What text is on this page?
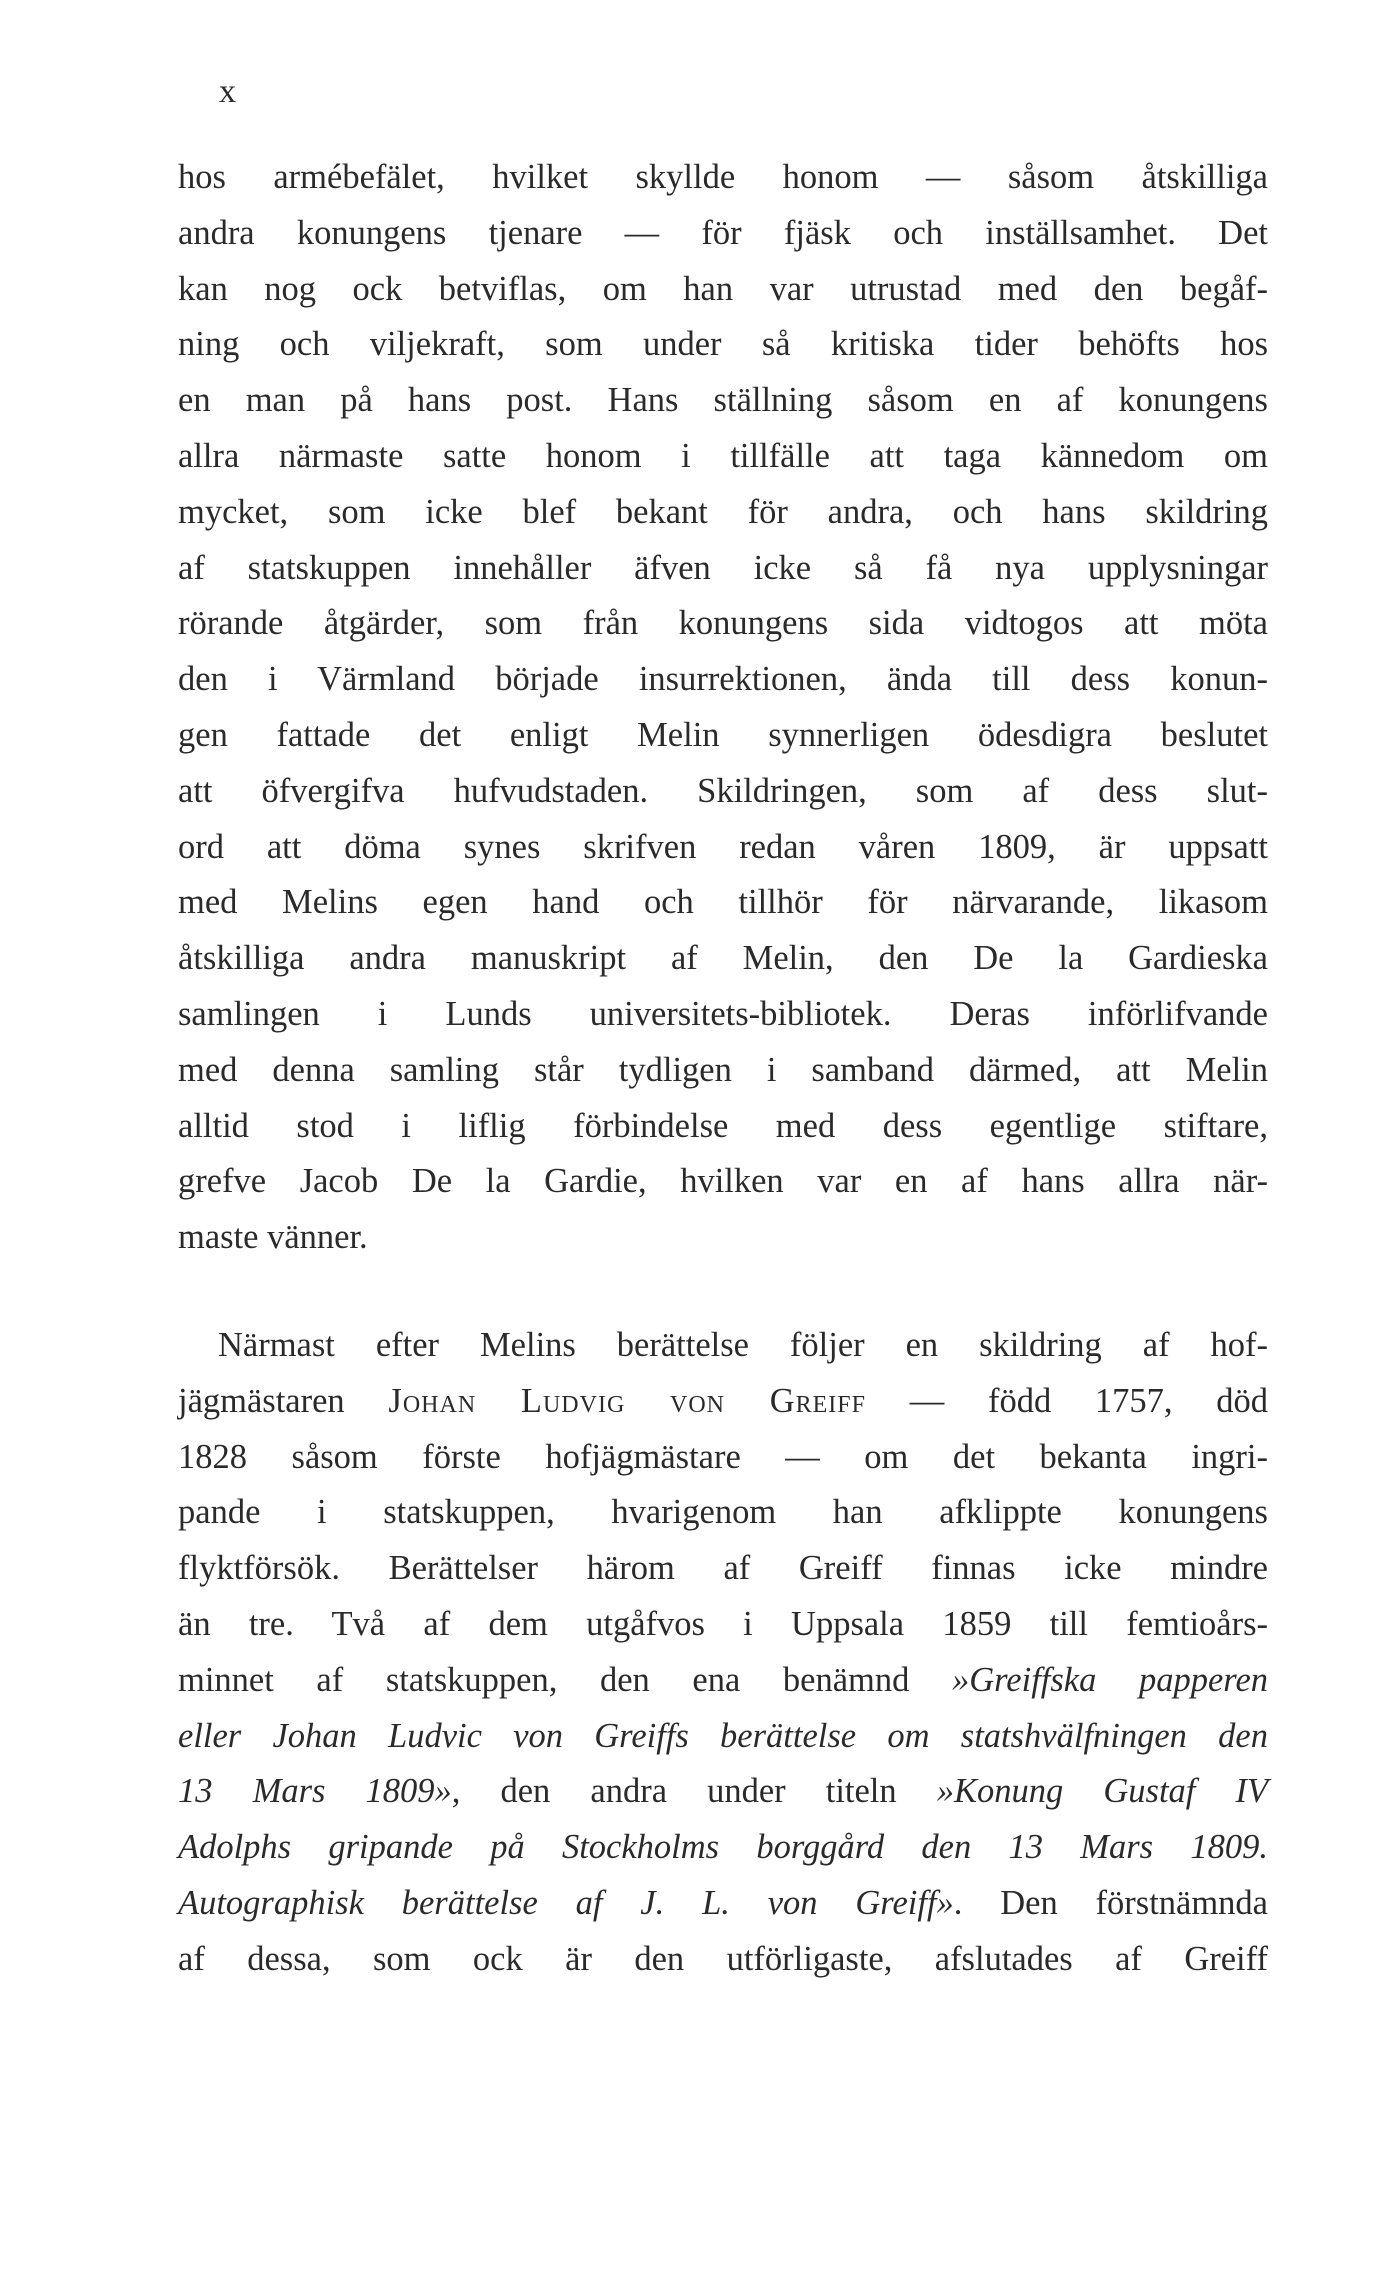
x
hos armébefälet, hvilket skyllde honom — såsom åtskilliga
andra konungens tjenare — för fjäsk och inställsamhet. Det
kan nog ock betviflas, om han var utrustad med den begåf-
ning och viljekraft, som under så kritiska tider behöfts hos
en man på hans post. Hans ställning såsom en af konungens
allra närmaste satte honom i tillfälle att taga kännedom om
mycket, som icke blef bekant för andra, och hans skildring
af statskuppen innehåller äfven icke så få nya upplysningar
rörande åtgärder, som från konungens sida vidtogos att möta
den i Värmland började insurrektionen, ända till dess konun-
gen fattade det enligt Melin synnerligen ödesdigra beslutet
att öfvergifva hufvudstaden. Skildringen, som af dess slut-
ord att döma synes skrifven redan våren 1809, är uppsatt
med Melins egen hand och tillhör för närvarande, likasom
åtskilliga andra manuskript af Melin, den De la Gardieska
samlingen i Lunds universitets-bibliotek. Deras införlifvande
med denna samling står tydligen i samband därmed, att Melin
alltid stod i liflig förbindelse med dess egentlige stiftare,
grefve Jacob De la Gardie, hvilken var en af hans allra när-
maste vänner.
Närmast efter Melins berättelse följer en skildring af hof-
jägmästaren Johan Ludvig von Greiff — född 1757, död
1828 såsom förste hofjägmästare — om det bekanta ingri-
pande i statskuppen, hvarigenom han afklippte konungens
flyktförsök. Berättelser härom af Greiff finnas icke mindre
än tre. Två af dem utgåfvos i Uppsala 1859 till femtioårs-
minnet af statskuppen, den ena benämnd »Greiffska papperen
eller Johan Ludvic von Greiffs berättelse om statshvälfningen den
13 Mars 1809», den andra under titeln »Konung Gustaf IV
Adolphs gripande på Stockholms borggård den 13 Mars 1809.
Autographisk berättelse af J. L. von Greiff». Den förstnämnda
af dessa, som ock är den utförligaste, afslutades af Greiff
